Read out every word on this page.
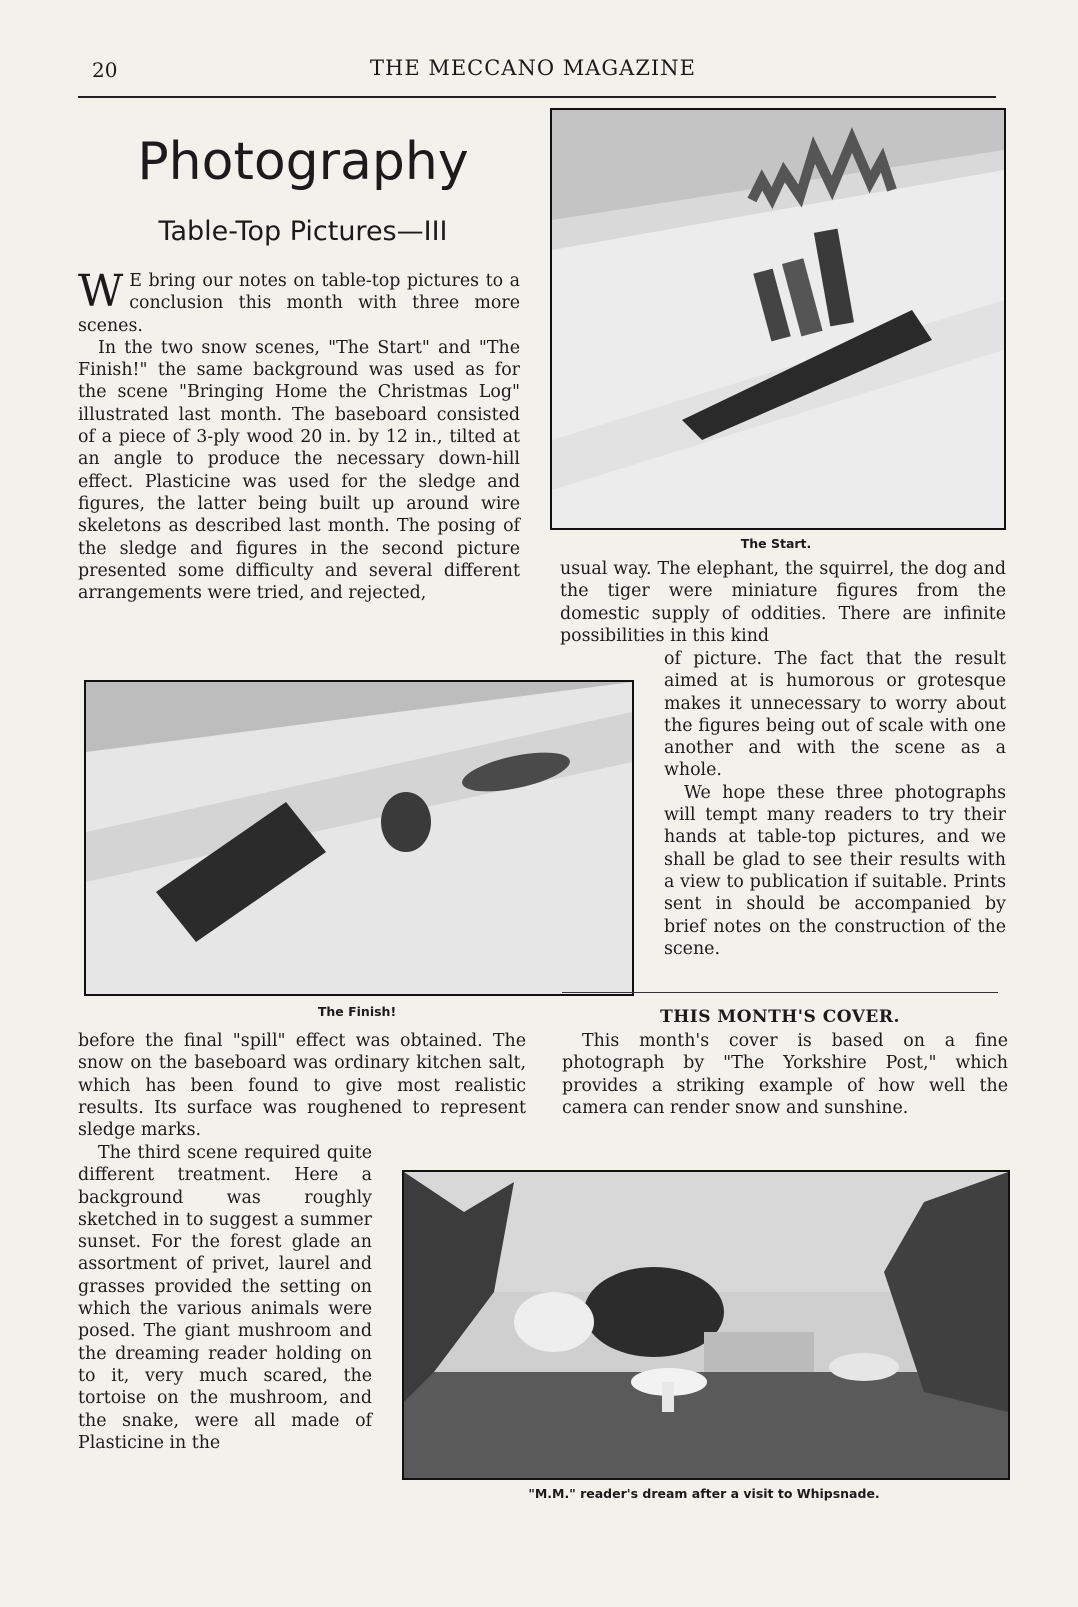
20	THE MECCANO MAGAZINE
Photography
Table-Top Pictures—III

W E bring our notes on table-top pictures to a conclusion this month with three more scenes.

In the two snow scenes, "The Start" and "The Finish!" the same background was used as for the scene "Bringing Home the Christmas Log" illustrated last month. The baseboard consisted of a piece of 3-ply wood 20 in. by 12 in., tilted at an angle to produce the necessary down-hill effect. Plasticine was used for the sledge and figures, the latter being built up around wire skeletons as described last month. The posing of the sledge and figures in the second picture presented some difficulty and several different arrangements were tried, and rejected,

The Start.

usual way. The elephant, the squirrel, the dog and the tiger were miniature figures from the domestic supply of oddities. There are infinite possibilities in this kind

of picture. The fact that the result aimed at is humorous or grotesque makes it unnecessary to worry about the figures being out of scale with one another and with the scene as a whole.

We hope these three photographs will tempt many readers to try their hands at table-top pictures, and we shall be glad to see their results with a view to publication if suitable. Prints sent in should be accompanied by brief notes on the construction of the scene.

The Finish!

before the final "spill" effect was obtained. The snow on the baseboard was ordinary kitchen salt, which has been found to give most realistic results. Its surface was roughened to represent sledge marks.

The third scene required quite different treatment. Here a background was roughly sketched in to suggest a summer sunset. For the forest glade an assortment of privet, laurel and grasses provided the setting on which the various animals were posed. The giant mushroom and the dreaming reader holding on to it, very much scared, the tortoise on the mushroom, and the snake, were all made of Plasticine in the

THIS MONTH'S COVER.

This month's cover is based on a fine photograph by "The Yorkshire Post," which provides a striking example of how well the camera can render snow and sunshine.

"M.M." reader's dream after a visit to Whipsnade.
